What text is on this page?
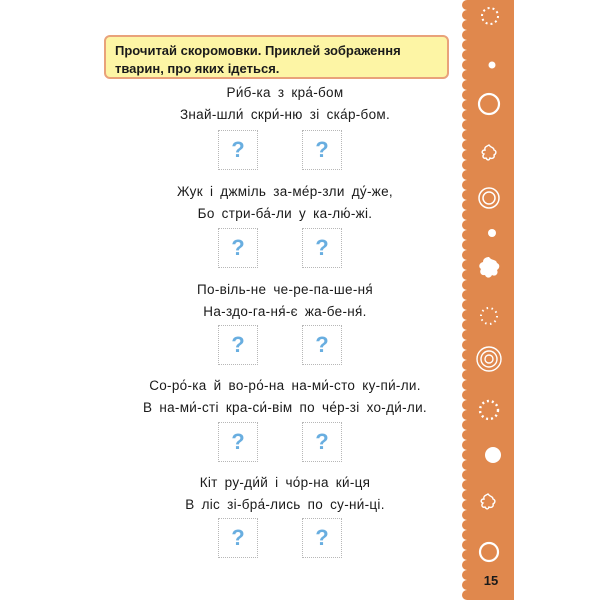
15
Прочитай скоромовки. Приклей зображення тварин, про яких ідеться.
Ри́б-ка з кра́-бом
Знай-шли́ скри́-ню зі ска́р-бом.
?	?
Жук і джміль за-ме́р-зли ду́-же,
Бо стри-ба́-ли у ка-лю́-жі.
?	?
По-віль-не че-ре-па-ше-ня́
На-здо-га-ня́-є жа-бе-ня́.
?	?
Со-ро́-ка й во-ро́-на на-ми́-сто ку-пи́-ли.
В на-ми́-сті кра-си́-вім по че́р-зі хо-ди́-ли.
?	?
Кіт ру-ди́й і чо́р-на ки́-ця
В ліс зі-бра́-лись по су-ни́-ці.
?	?
